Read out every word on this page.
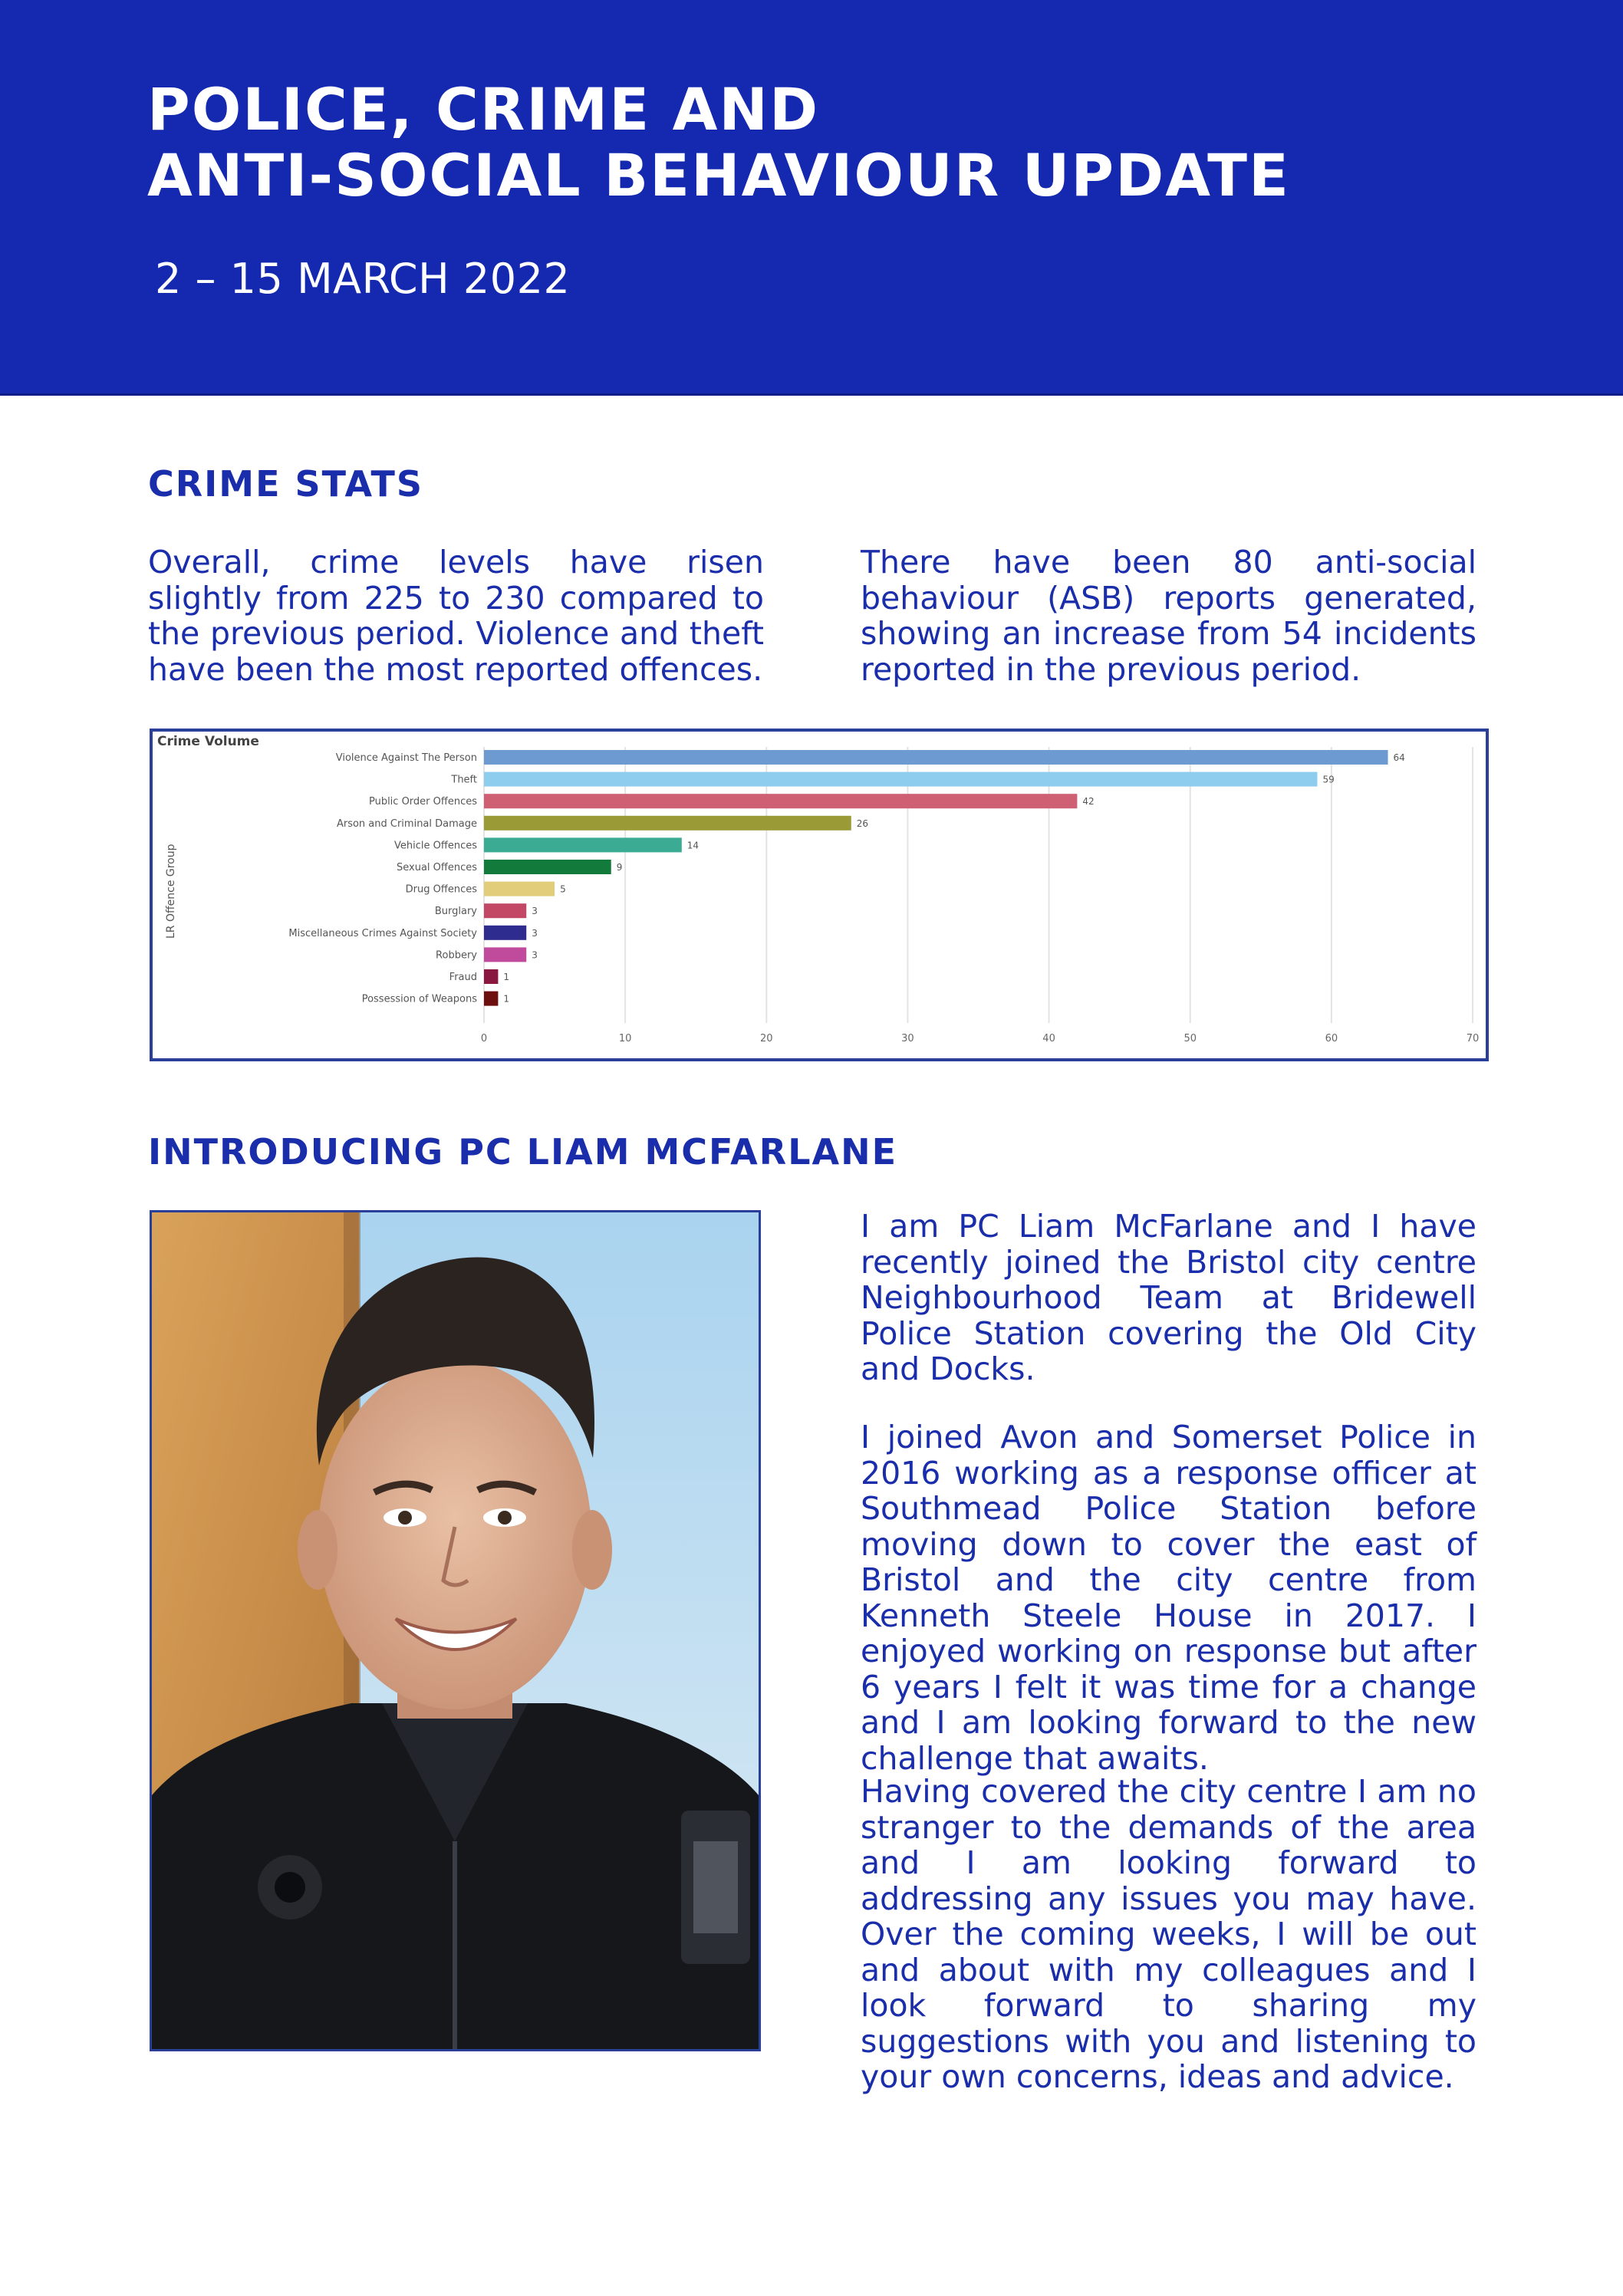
POLICE, CRIME AND
ANTI-SOCIAL BEHAVIOUR UPDATE

2 – 15 MARCH 2022

CRIME STATS

Overall, crime levels have risen slightly from 225 to 230 compared to the previous period. Violence and theft have been the most reported offences.

There have been 80 anti-social behaviour (ASB) reports generated, showing an increase from 54 incidents reported in the previous period.

Crime Volume
LR Offence Group
0	10	20	30	40	50	60	70
Violence Against The Person	64
Theft	59
Public Order Offences	42
Arson and Criminal Damage	26
Vehicle Offences	14
Sexual Offences	9
Drug Offences	5
Burglary	3
Miscellaneous Crimes Against Society	3
Robbery	3
Fraud	1
Possession of Weapons	1
INTRODUCING PC LIAM MCFARLANE

I am PC Liam McFarlane and I have recently joined the Bristol city centre Neighbourhood Team at Bridewell Police Station covering the Old City and Docks.

I joined Avon and Somerset Police in 2016 working as a response officer at Southmead Police Station before moving down to cover the east of Bristol and the city centre from Kenneth Steele House in 2017. I enjoyed working on response but after 6 years I felt it was time for a change and I am looking forward to the new challenge that awaits.

Having covered the city centre I am no stranger to the demands of the area and I am looking forward to addressing any issues you may have. Over the coming weeks, I will be out and about with my colleagues and I look forward to sharing my suggestions with you and listening to your own concerns, ideas and advice.
